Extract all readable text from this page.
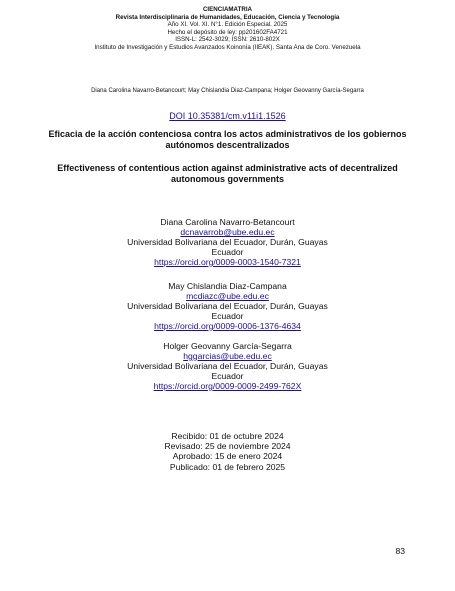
CIENCIAMATRIA
Revista Interdisciplinaria de Humanidades, Educación, Ciencia y Tecnología
Año XI. Vol. XI. N°1. Edición Especial. 2025
Hecho el depósito de ley: pp201602FA4721
ISSN-L: 2542-3029; ISSN: 2610-802X
Instituto de Investigación y Estudios Avanzados Koinonía (IIEAK). Santa Ana de Coro. Venezuela
Diana Carolina Navarro-Betancourt; May Chislandia Diaz-Campana; Holger Geovanny García-Segarra
DOI 10.35381/cm.v11i1.1526
Eficacia de la acción contenciosa contra los actos administrativos de los gobiernos autónomos descentralizados
Effectiveness of contentious action against administrative acts of decentralized autonomous governments
Diana Carolina Navarro-Betancourt
dcnavarrob@ube.edu.ec
Universidad Bolivariana del Ecuador, Durán, Guayas
Ecuador
https://orcid.org/0009-0003-1540-7321
May Chislandia Diaz-Campana
mcdiazc@ube.edu.ec
Universidad Bolivariana del Ecuador, Durán, Guayas
Ecuador
https://orcid.org/0009-0006-1376-4634
Holger Geovanny García-Segarra
hggarcias@ube.edu.ec
Universidad Bolivariana del Ecuador, Durán, Guayas
Ecuador
https://orcid.org/0009-0009-2499-762X
Recibido: 01 de octubre 2024
Revisado: 25 de noviembre 2024
Aprobado: 15 de enero 2024
Publicado: 01 de febrero 2025
83
